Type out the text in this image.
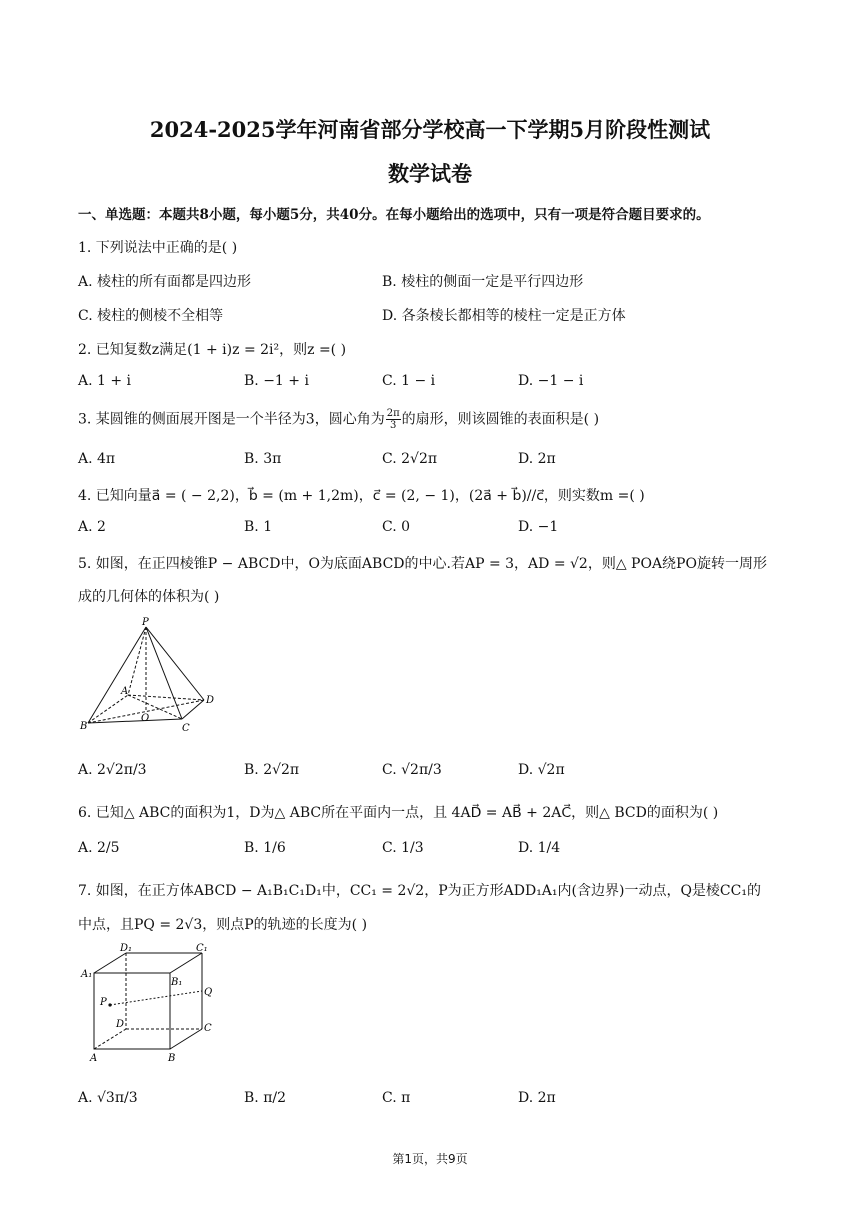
2024-2025学年河南省部分学校高一下学期5月阶段性测试
数学试卷
一、单选题：本题共8小题，每小题5分，共40分。在每小题给出的选项中，只有一项是符合题目要求的。
1. 下列说法中正确的是( )
A. 棱柱的所有面都是四边形	B. 棱柱的侧面一定是平行四边形
C. 棱柱的侧棱不全相等	D. 各条棱长都相等的棱柱一定是正方体
2. 已知复数z满足(1 + i)z = 2i²，则z =( )
A. 1 + i	B. −1 + i	C. 1 − i	D. −1 − i
3. 某圆锥的侧面展开图是一个半径为3，圆心角为 $\frac{2\pi}{3}$ 的扇形，则该圆锥的表面积是( )
A. 4π	B. 3π	C. 2√2π	D. 2π
4. 已知向量a⃗ = ( − 2,2)，b⃗ = (m + 1,2m)，c⃗ = (2, − 1)，(2a⃗ + b⃗)//c⃗，则实数m =( )
A. 2	B. 1	C. 0	D. −1
5. 如图，在正四棱锥P − ABCD中，O为底面ABCD的中心.若AP = 3，AD = √2，则△ POA绕PO旋转一周形
成的几何体的体积为( )
P
A
D
B
O
C
A. 2√2π/3	B. 2√2π	C. √2π/3	D. √2π
6. 已知△ ABC的面积为1，D为△ ABC所在平面内一点，且 4AD⃗ = AB⃗ + 2AC⃗，则△ BCD的面积为( )
A. 2/5	B. 1/6	C. 1/3	D. 1/4
7. 如图，在正方体ABCD − A₁B₁C₁D₁中，CC₁ = 2√2，P为正方形ADD₁A₁内(含边界)一动点，Q是棱CC₁的
中点，且PQ = 2√3，则点P的轨迹的长度为( )
D₁	C₁
A₁
B₁
P
Q
D	C
A	B
A. √3π/3	B. π/2	C. π	D. 2π
第1页，共9页
